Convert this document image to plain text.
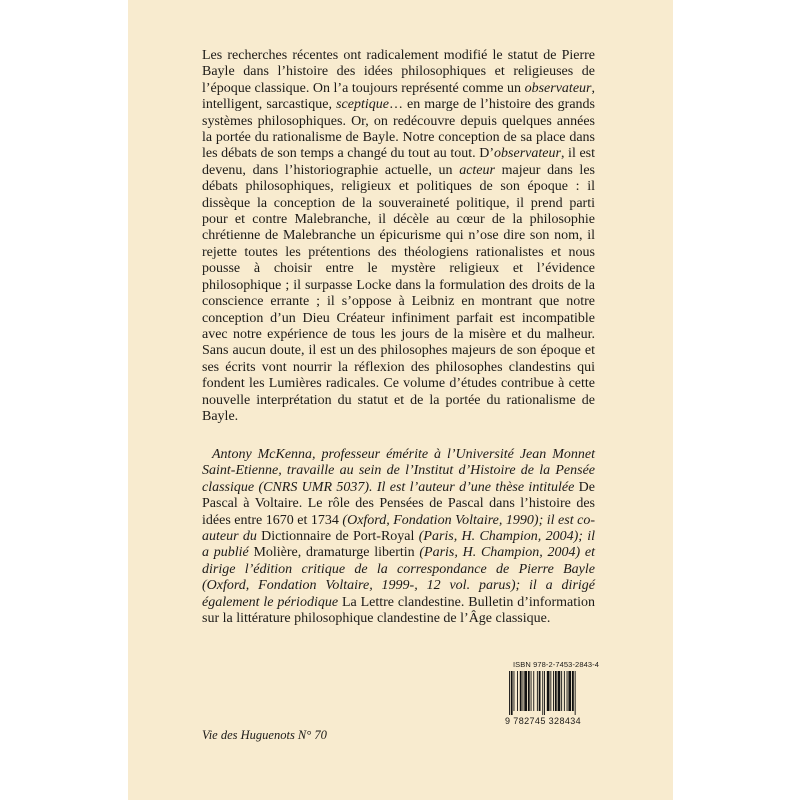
Les recherches récentes ont radicalement modifié le statut de Pierre Bayle dans l’histoire des idées philosophiques et religieuses de l’époque classique. On l’a toujours représenté comme un observateur, intelligent, sarcastique, sceptique… en marge de l’histoire des grands systèmes philosophiques. Or, on redécouvre depuis quelques années la portée du rationalisme de Bayle. Notre conception de sa place dans les débats de son temps a changé du tout au tout. D’observateur, il est devenu, dans l’historiographie actuelle, un acteur majeur dans les débats philosophiques, religieux et politiques de son époque : il dissèque la conception de la souveraineté politique, il prend parti pour et contre Malebranche, il décèle au cœur de la philosophie chrétienne de Malebranche un épicurisme qui n’ose dire son nom, il rejette toutes les prétentions des théologiens rationalistes et nous pousse à choisir entre le mystère religieux et l’évidence philosophique ; il surpasse Locke dans la formulation des droits de la conscience errante ; il s’oppose à Leibniz en montrant que notre conception d’un Dieu Créateur infiniment parfait est incompatible avec notre expérience de tous les jours de la misère et du malheur. Sans aucun doute, il est un des philosophes majeurs de son époque et ses écrits vont nourrir la réflexion des philosophes clandestins qui fondent les Lumières radicales. Ce volume d’études contribue à cette nouvelle interprétation du statut et de la portée du rationalisme de Bayle.
Antony McKenna, professeur émérite à l’Université Jean Monnet Saint-Etienne, travaille au sein de l’Institut d’Histoire de la Pensée classique (CNRS UMR 5037). Il est l’auteur d’une thèse intitulée De Pascal à Voltaire. Le rôle des Pensées de Pascal dans l’histoire des idées entre 1670 et 1734 (Oxford, Fondation Voltaire, 1990); il est co-auteur du Dictionnaire de Port-Royal (Paris, H. Champion, 2004); il a publié Molière, dramaturge libertin (Paris, H. Champion, 2004) et dirige l’édition critique de la correspondance de Pierre Bayle (Oxford, Fondation Voltaire, 1999-, 12 vol. parus); il a dirigé également le périodique La Lettre clandestine. Bulletin d’information sur la littérature philosophique clandestine de l’Âge classique.
Vie des Huguenots N° 70
ISBN 978-2-7453-2843-4
9 782745 328434
